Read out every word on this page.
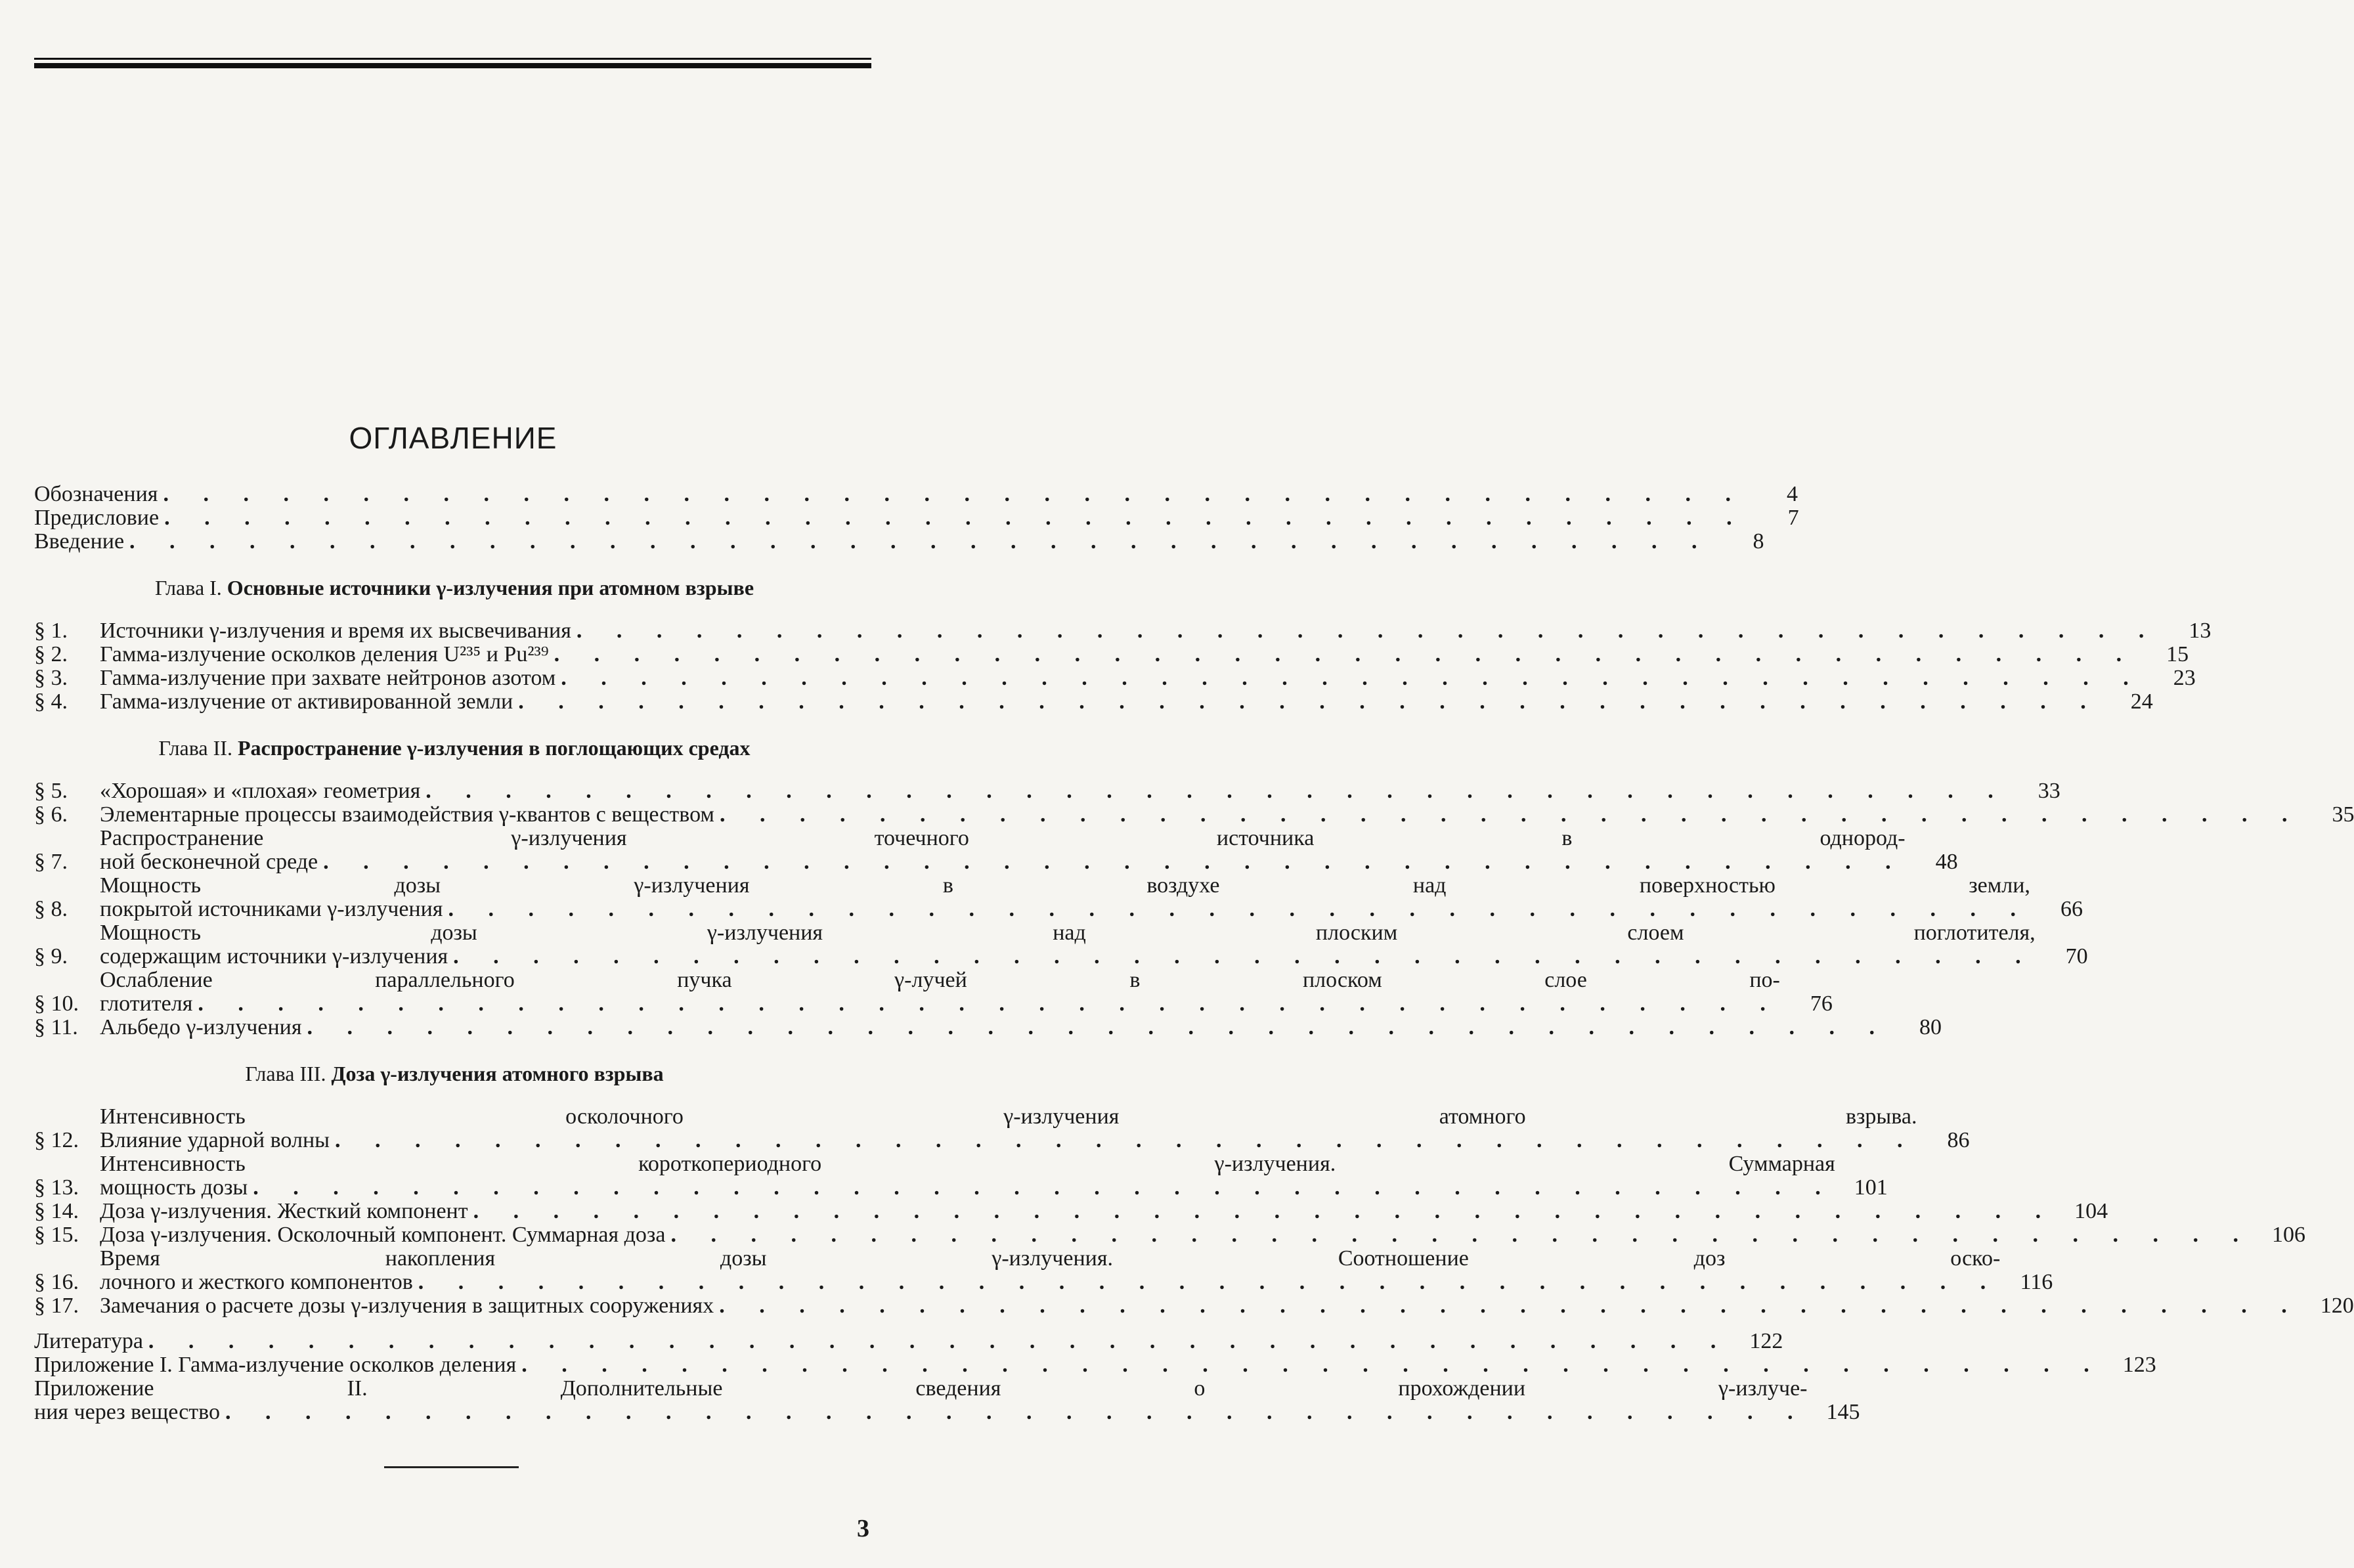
ОГЛАВЛЕНИЕ
Обозначения . . . . . . . . . . . . . . . . . . . . . . . . . . . . . . . . . . . . . . . .	4
Предисловие . . . . . . . . . . . . . . . . . . . . . . . . . . . . . . . . . . . . . . . .	7
Введение . . . . . . . . . . . . . . . . . . . . . . . . . . . . . . . . . . . . . . . .	8
Глава I. Основные источники γ-излучения при атомном взрыве
§ 1.	Источники γ-излучения и время их высвечивания . . . . . . . . . . . . . . . . . . . . . . . . . . . . . . . . . . . . . . . .	13
§ 2.	Гамма-излучение осколков деления U²³⁵ и Pu²³⁹ . . . . . . . . . . . . . . . . . . . . . . . . . . . . . . . . . . . . . . . .	15
§ 3.	Гамма-излучение при захвате нейтронов азотом . . . . . . . . . . . . . . . . . . . . . . . . . . . . . . . . . . . . . . . .	23
§ 4.	Гамма-излучение от активированной земли . . . . . . . . . . . . . . . . . . . . . . . . . . . . . . . . . . . . . . . .	24
Глава II. Распространение γ-излучения в поглощающих средах
§ 5.	«Хорошая» и «плохая» геометрия . . . . . . . . . . . . . . . . . . . . . . . . . . . . . . . . . . . . . . . .	33
§ 6.	Элементарные процессы взаимодействия γ-квантов с веществом . . . . . . . . . . . . . . . . . . . . . . . . . . . . . . . . . . . . . . . .	35
§ 7.
Распространение γ-излучения точечного источника в однород-
ной бесконечной среде . . . . . . . . . . . . . . . . . . . . . . . . . . . . . . . . . . . . . . . .	48
§ 8.
Мощность дозы γ-излучения в воздухе над поверхностью земли,
покрытой источниками γ-излучения . . . . . . . . . . . . . . . . . . . . . . . . . . . . . . . . . . . . . . . .	66
§ 9.
Мощность дозы γ-излучения над плоским слоем поглотителя,
содержащим источники γ-излучения . . . . . . . . . . . . . . . . . . . . . . . . . . . . . . . . . . . . . . . .	70
§ 10.
Ослабление параллельного пучка γ-лучей в плоском слое по-
глотителя . . . . . . . . . . . . . . . . . . . . . . . . . . . . . . . . . . . . . . . .	76
§ 11. Альбедо γ-излучения . . . . . . . . . . . . . . . . . . . . . . . . . . . . . . . . . . . . . . . .	80
Глава III. Доза γ-излучения атомного взрыва
§ 12.
Интенсивность осколочного γ-излучения атомного взрыва.
Влияние ударной волны . . . . . . . . . . . . . . . . . . . . . . . . . . . . . . . . . . . . . . . .	86
§ 13.
Интенсивность короткопериодного γ-излучения. Суммарная
мощность дозы . . . . . . . . . . . . . . . . . . . . . . . . . . . . . . . . . . . . . . . . 101
§ 14. Доза γ-излучения. Жесткий компонент . . . . . . . . . . . . . . . . . . . . . . . . . . . . . . . . . . . . . . . . 104
§ 15. Доза γ-излучения. Осколочный компонент. Суммарная доза . . . . . . . . . . . . . . . . . . . . . . . . . . . . . . . . . . . . . . . . 106
§ 16.
Время накопления дозы γ-излучения. Соотношение доз оско-
лочного и жесткого компонентов . . . . . . . . . . . . . . . . . . . . . . . . . . . . . . . . . . . . . . . . 116
§ 17. Замечания о расчете дозы γ-излучения в защитных сооружениях . . . . . . . . . . . . . . . . . . . . . . . . . . . . . . . . . . . . . . . . 120
Литература . . . . . . . . . . . . . . . . . . . . . . . . . . . . . . . . . . . . . . . . 122
Приложение I. Гамма-излучение осколков деления . . . . . . . . . . . . . . . . . . . . . . . . . . . . . . . . . . . . . . . . 123
Приложение II. Дополнительные сведения о прохождении γ-излуче-
ния через вещество . . . . . . . . . . . . . . . . . . . . . . . . . . . . . . . . . . . . . . . . 145
3
